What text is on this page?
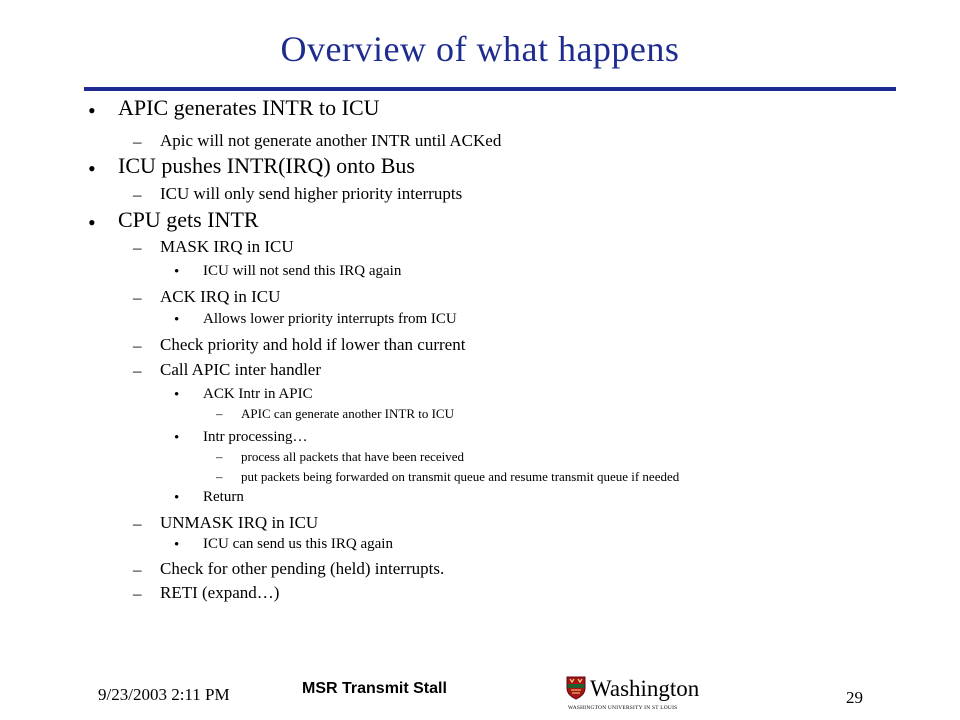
Overview of what happens
• APIC generates INTR to ICU
– Apic will not generate another INTR until ACKed
• ICU pushes INTR(IRQ) onto Bus
– ICU will only send higher priority interrupts
• CPU gets INTR
– MASK IRQ in ICU
• ICU will not send this IRQ again
– ACK IRQ in ICU
• Allows lower priority interrupts from ICU
– Check priority and hold if lower than current
– Call APIC inter handler
• ACK Intr in APIC
– APIC can generate another INTR to ICU
• Intr processing…
– process all packets that have been received
– put packets being forwarded on transmit queue and resume transmit queue if needed
• Return
– UNMASK IRQ in ICU
• ICU can send us this IRQ again
– Check for other pending (held) interrupts.
– RETI (expand…)
9/23/2003 2:11 PM	MSR Transmit Stall	Washington
WASHINGTON UNIVERSITY IN ST LOUIS
29
